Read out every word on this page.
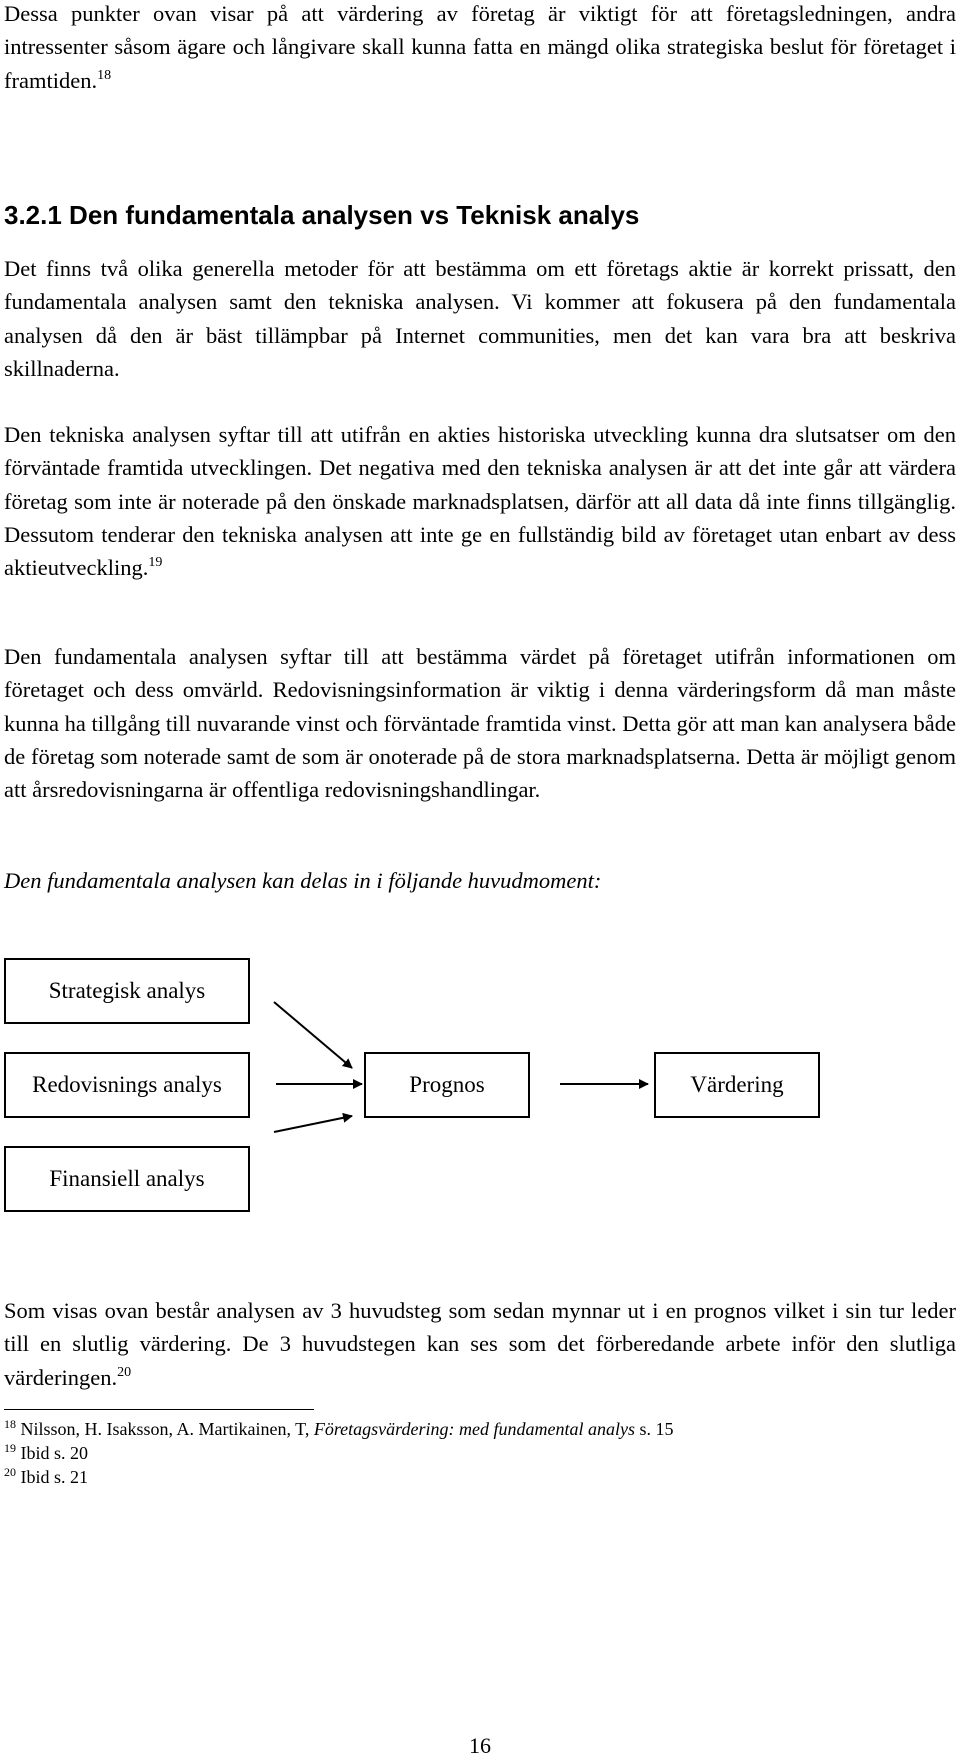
Dessa punkter ovan visar på att värdering av företag är viktigt för att företagsledningen, andra intressenter såsom ägare och långivare skall kunna fatta en mängd olika strategiska beslut för företaget i framtiden.$^{18}$

3.2.1 Den fundamentala analysen vs Teknisk analys

Det finns två olika generella metoder för att bestämma om ett företags aktie är korrekt prissatt, den fundamentala analysen samt den tekniska analysen. Vi kommer att fokusera på den fundamentala analysen då den är bäst tillämpbar på Internet communities, men det kan vara bra att beskriva skillnaderna.

Den tekniska analysen syftar till att utifrån en akties historiska utveckling kunna dra slutsatser om den förväntade framtida utvecklingen. Det negativa med den tekniska analysen är att det inte går att värdera företag som inte är noterade på den önskade marknadsplatsen, därför att all data då inte finns tillgänglig. Dessutom tenderar den tekniska analysen att inte ge en fullständig bild av företaget utan enbart av dess aktieutveckling.$^{19}$

Den fundamentala analysen syftar till att bestämma värdet på företaget utifrån informationen om företaget och dess omvärld. Redovisningsinformation är viktig i denna värderingsform då man måste kunna ha tillgång till nuvarande vinst och förväntade framtida vinst. Detta gör att man kan analysera både de företag som noterade samt de som är onoterade på de stora marknadsplatserna. Detta är möjligt genom att årsredovisningarna är offentliga redovisningshandlingar.

Den fundamentala analysen kan delas in i följande huvudmoment:

Strategisk analys
Redovisnings analys
Finansiell analys
Prognos	Värdering

Som visas ovan består analysen av 3 huvudsteg som sedan mynnar ut i en prognos vilket i sin tur leder till en slutlig värdering. De 3 huvudstegen kan ses som det förberedande arbete inför den slutliga värderingen.$^{20}$

$^{18}$ Nilsson, H. Isaksson, A. Martikainen, T, Företagsvärdering: med fundamental analys s. 15

$^{19}$ Ibid s. 20

$^{20}$ Ibid s. 21

16
